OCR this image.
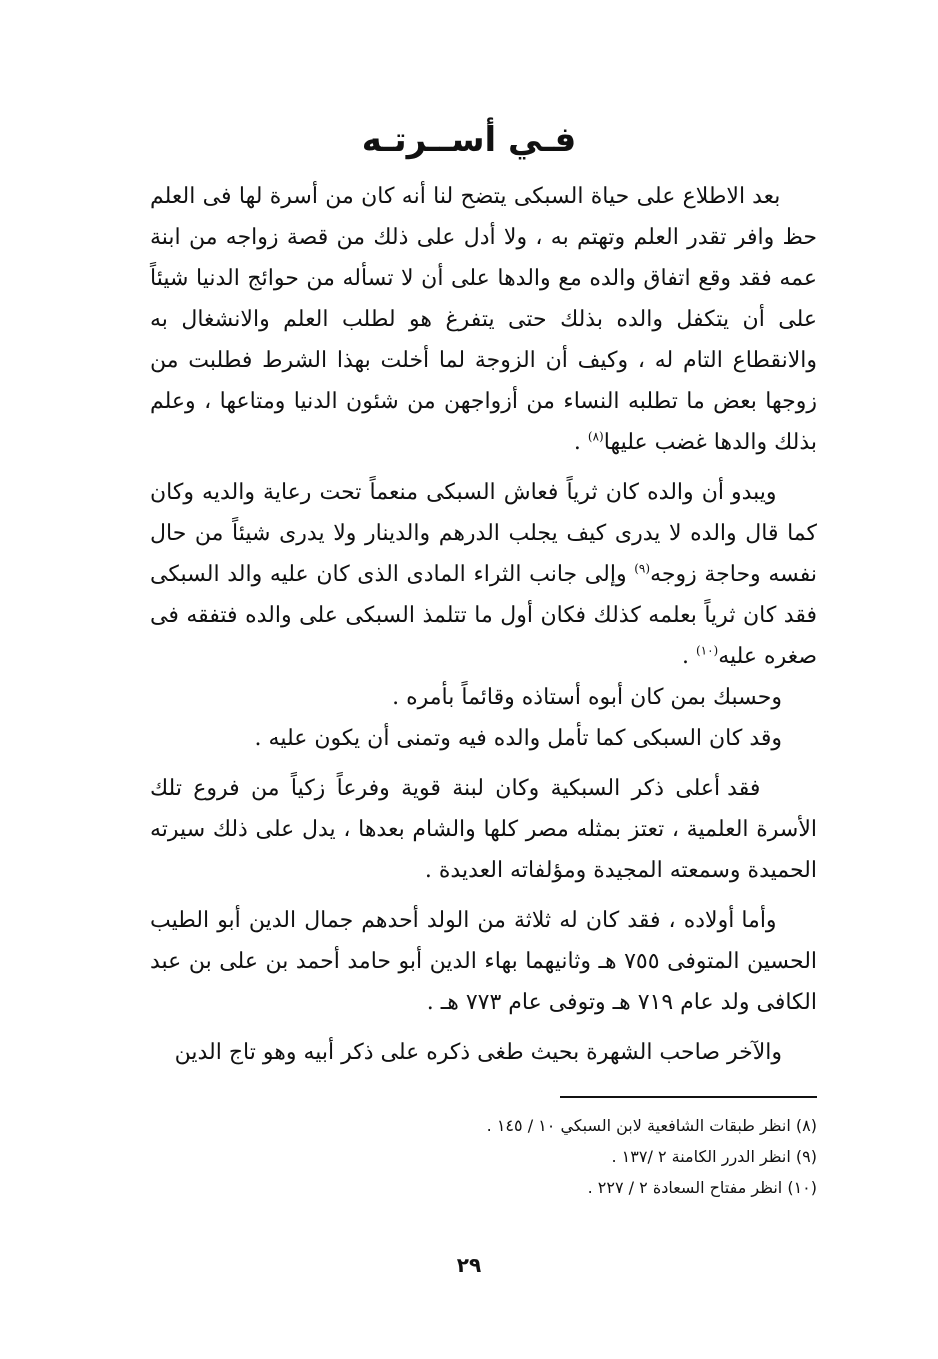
فـي أســرتـه

بعد الاطلاع على حياة السبكى يتضح لنا أنه كان من أسرة لها فى العلم حظ وافر تقدر العلم وتهتم به ، ولا أدل على ذلك من قصة زواجه من ابنة عمه فقد وقع اتفاق والده مع والدها على أن لا تسأله من حوائج الدنيا شيئاً على أن يتكفل والده بذلك حتى يتفرغ هو لطلب العلم والانشغال به والانقطاع التام له ، وكيف أن الزوجة لما أخلت بهذا الشرط فطلبت من زوجها بعض ما تطلبه النساء من أزواجهن من شئون الدنيا ومتاعها ، وعلم بذلك والدها غضب عليها$^{(٨)}$ .

ويبدو أن والده كان ثرياً فعاش السبكى منعماً تحت رعاية والديه وكان كما قال والده لا يدرى كيف يجلب الدرهم والدينار ولا يدرى شيئاً من حال نفسه وحاجة زوجه$^{(٩)}$ وإلى جانب الثراء المادى الذى كان عليه والد السبكى فقد كان ثرياً بعلمه كذلك فكان أول ما تتلمذ السبكى على والده فتفقه فى صغره عليه$^{(١٠)}$ .

وحسبك بمن كان أبوه أستاذه وقائماً بأمره .

وقد كان السبكى كما تأمل والده فيه وتمنى أن يكون عليه .

فقد أعلى ذكر السبكية وكان لبنة قوية وفرعاً زكياً من فروع تلك الأسرة العلمية ، تعتز بمثله مصر كلها والشام بعدها ، يدل على ذلك سيرته الحميدة وسمعته المجيدة ومؤلفاته العديدة .

وأما أولاده ، فقد كان له ثلاثة من الولد أحدهم جمال الدين أبو الطيب الحسين المتوفى ٧٥٥ هـ وثانيهما بهاء الدين أبو حامد أحمد بن على بن عبد الكافى ولد عام ٧١٩ هـ وتوفى عام ٧٧٣ هـ .

والآخر صاحب الشهرة بحيث طغى ذكره على ذكر أبيه وهو تاج الدين

(٨) انظر طبقات الشافعية لابن السبكي ١٠ / ١٤٥ .

(٩) انظر الدرر الكامنة ٢ /١٣٧ .

(١٠) انظر مفتاح السعادة ٢ / ٢٢٧ .

٢٩
